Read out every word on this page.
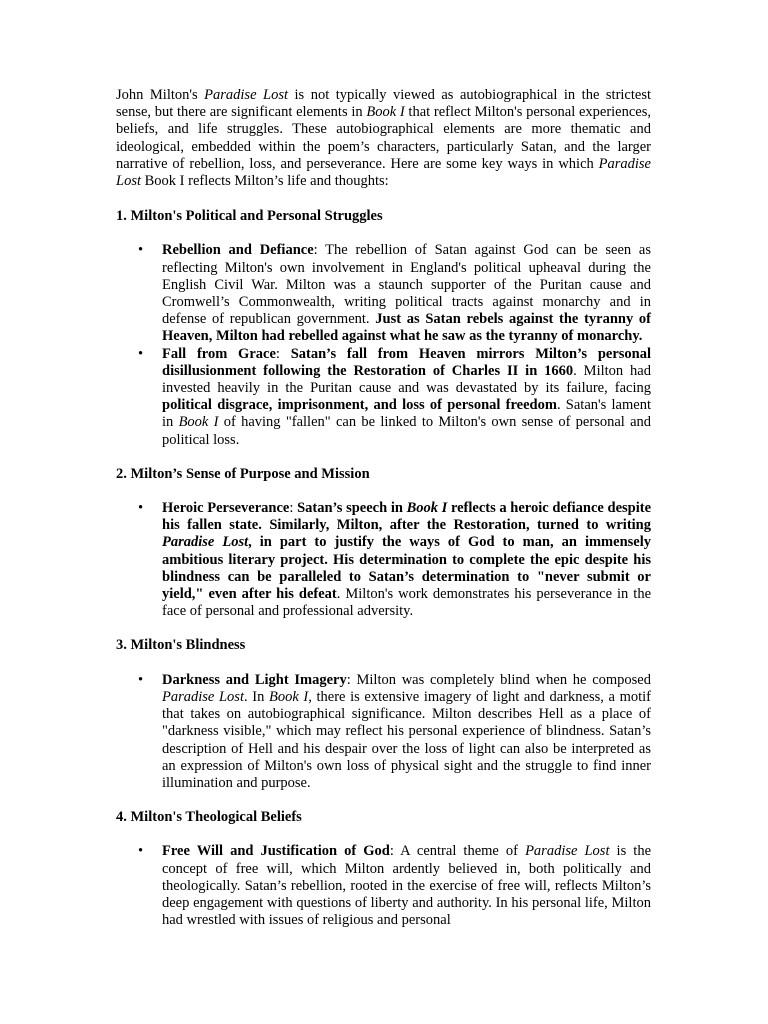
John Milton's Paradise Lost is not typically viewed as autobiographical in the strictest sense, but there are significant elements in Book I that reflect Milton's personal experiences, beliefs, and life struggles. These autobiographical elements are more thematic and ideological, embedded within the poem’s characters, particularly Satan, and the larger narrative of rebellion, loss, and perseverance. Here are some key ways in which Paradise Lost Book I reflects Milton’s life and thoughts:

1. Milton's Political and Personal Struggles

• Rebellion and Defiance: The rebellion of Satan against God can be seen as reflecting Milton's own involvement in England's political upheaval during the English Civil War. Milton was a staunch supporter of the Puritan cause and Cromwell’s Commonwealth, writing political tracts against monarchy and in defense of republican government. Just as Satan rebels against the tyranny of Heaven, Milton had rebelled against what he saw as the tyranny of monarchy.
• Fall from Grace: Satan’s fall from Heaven mirrors Milton’s personal disillusionment following the Restoration of Charles II in 1660. Milton had invested heavily in the Puritan cause and was devastated by its failure, facing political disgrace, imprisonment, and loss of personal freedom. Satan's lament in Book I of having "fallen" can be linked to Milton's own sense of personal and political loss.

2. Milton’s Sense of Purpose and Mission

• Heroic Perseverance: Satan’s speech in Book I reflects a heroic defiance despite his fallen state. Similarly, Milton, after the Restoration, turned to writing Paradise Lost, in part to justify the ways of God to man, an immensely ambitious literary project. His determination to complete the epic despite his blindness can be paralleled to Satan’s determination to "never submit or yield," even after his defeat. Milton's work demonstrates his perseverance in the face of personal and professional adversity.

3. Milton's Blindness

• Darkness and Light Imagery: Milton was completely blind when he composed Paradise Lost. In Book I, there is extensive imagery of light and darkness, a motif that takes on autobiographical significance. Milton describes Hell as a place of "darkness visible," which may reflect his personal experience of blindness. Satan’s description of Hell and his despair over the loss of light can also be interpreted as an expression of Milton's own loss of physical sight and the struggle to find inner illumination and purpose.

4. Milton's Theological Beliefs

• Free Will and Justification of God: A central theme of Paradise Lost is the concept of free will, which Milton ardently believed in, both politically and theologically. Satan’s rebellion, rooted in the exercise of free will, reflects Milton’s deep engagement with questions of liberty and authority. In his personal life, Milton had wrestled with issues of religious and personal
